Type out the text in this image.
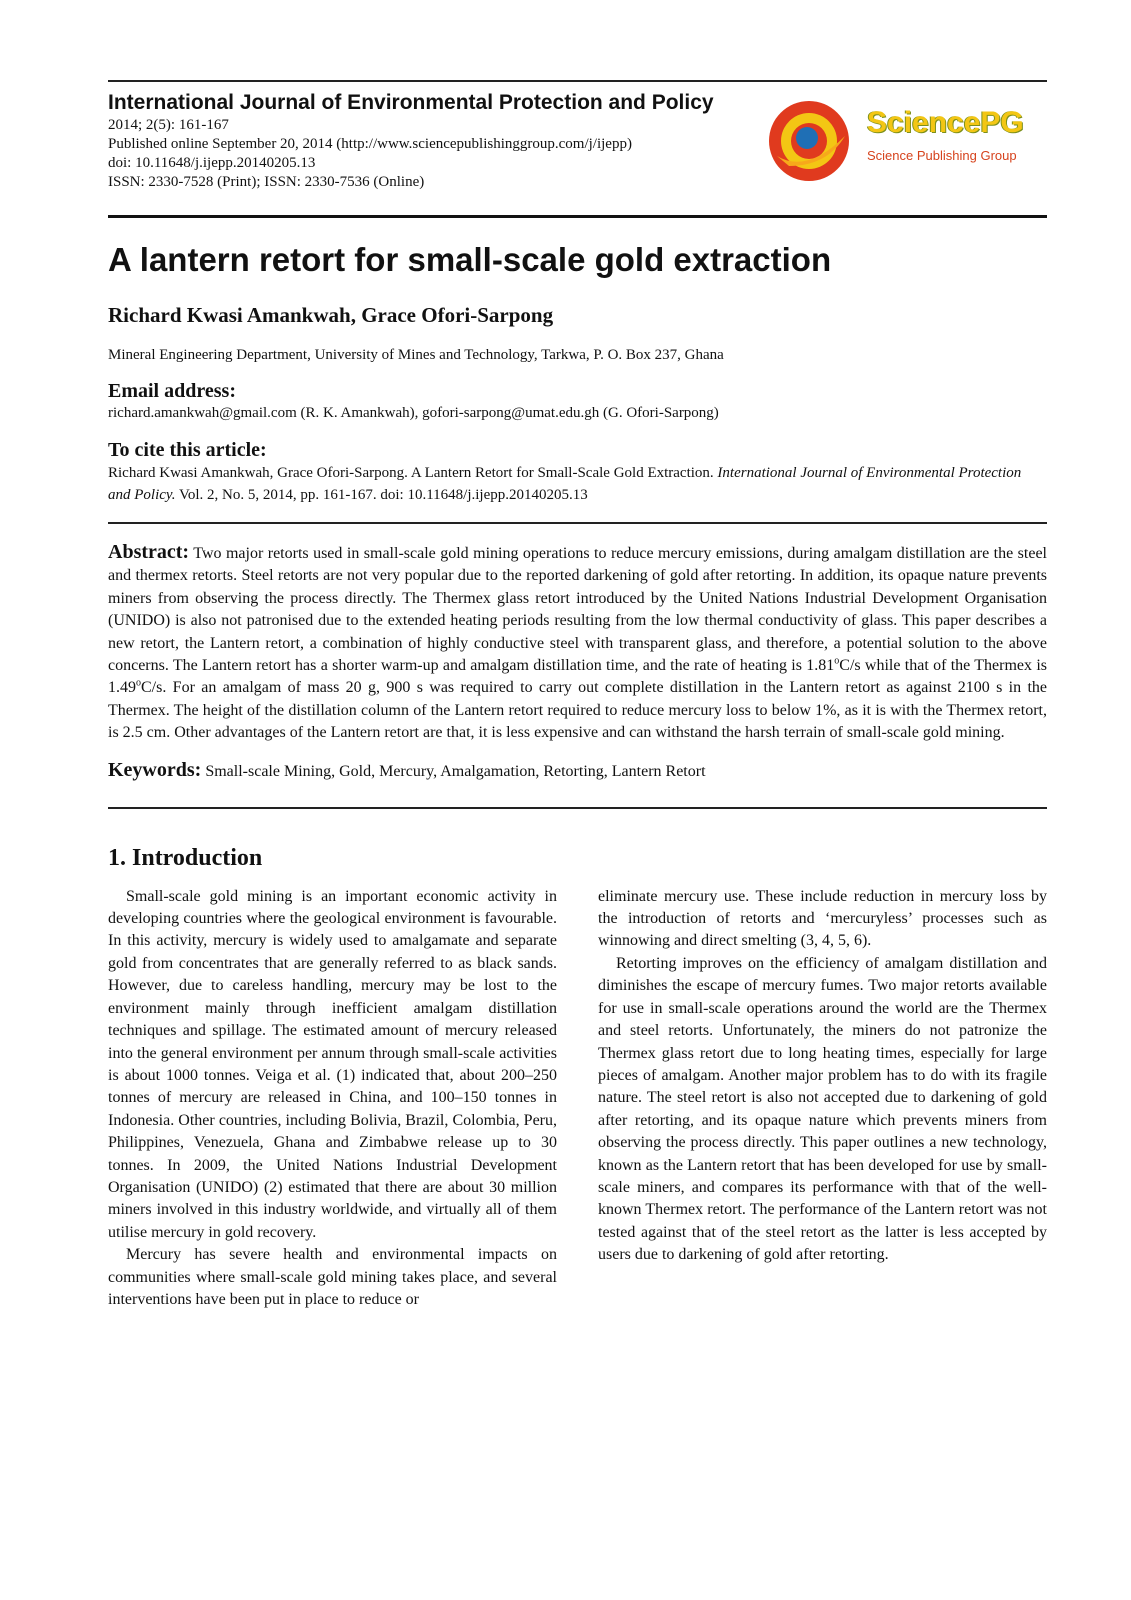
International Journal of Environmental Protection and Policy
2014; 2(5): 161-167
Published online September 20, 2014 (http://www.sciencepublishinggroup.com/j/ijepp)
doi: 10.11648/j.ijepp.20140205.13
ISSN: 2330-7528 (Print); ISSN: 2330-7536 (Online)
SciencePG
Science Publishing Group
A lantern retort for small-scale gold extraction
Richard Kwasi Amankwah, Grace Ofori-Sarpong
Mineral Engineering Department, University of Mines and Technology, Tarkwa, P. O. Box 237, Ghana
Email address:
richard.amankwah@gmail.com (R. K. Amankwah), gofori-sarpong@umat.edu.gh (G. Ofori-Sarpong)
To cite this article:
Richard Kwasi Amankwah, Grace Ofori-Sarpong. A Lantern Retort for Small-Scale Gold Extraction. International Journal of Environmental Protection and Policy. Vol. 2, No. 5, 2014, pp. 161-167. doi: 10.11648/j.ijepp.20140205.13
Abstract: Two major retorts used in small-scale gold mining operations to reduce mercury emissions, during amalgam distillation are the steel and thermex retorts. Steel retorts are not very popular due to the reported darkening of gold after retorting. In addition, its opaque nature prevents miners from observing the process directly. The Thermex glass retort introduced by the United Nations Industrial Development Organisation (UNIDO) is also not patronised due to the extended heating periods resulting from the low thermal conductivity of glass. This paper describes a new retort, the Lantern retort, a combination of highly conductive steel with transparent glass, and therefore, a potential solution to the above concerns. The Lantern retort has a shorter warm-up and amalgam distillation time, and the rate of heating is 1.81$^o$C/s while that of the Thermex is 1.49$^o$C/s. For an amalgam of mass 20 g, 900 s was required to carry out complete distillation in the Lantern retort as against 2100 s in the Thermex. The height of the distillation column of the Lantern retort required to reduce mercury loss to below 1%, as it is with the Thermex retort, is 2.5 cm. Other advantages of the Lantern retort are that, it is less expensive and can withstand the harsh terrain of small-scale gold mining.
Keywords: Small-scale Mining, Gold, Mercury, Amalgamation, Retorting, Lantern Retort
1. Introduction

Small-scale gold mining is an important economic activity in developing countries where the geological environment is favourable. In this activity, mercury is widely used to amalgamate and separate gold from concentrates that are generally referred to as black sands. However, due to careless handling, mercury may be lost to the environment mainly through inefficient amalgam distillation techniques and spillage. The estimated amount of mercury released into the general environment per annum through small-scale activities is about 1000 tonnes. Veiga et al. (1) indicated that, about 200–250 tonnes of mercury are released in China, and 100–150 tonnes in Indonesia. Other countries, including Bolivia, Brazil, Colombia, Peru, Philippines, Venezuela, Ghana and Zimbabwe release up to 30 tonnes. In 2009, the United Nations Industrial Development Organisation (UNIDO) (2) estimated that there are about 30 million miners involved in this industry worldwide, and virtually all of them utilise mercury in gold recovery.

Mercury has severe health and environmental impacts on communities where small-scale gold mining takes place, and several interventions have been put in place to reduce or

eliminate mercury use. These include reduction in mercury loss by the introduction of retorts and ‘mercuryless’ processes such as winnowing and direct smelting (3, 4, 5, 6).

Retorting improves on the efficiency of amalgam distillation and diminishes the escape of mercury fumes. Two major retorts available for use in small-scale operations around the world are the Thermex and steel retorts. Unfortunately, the miners do not patronize the Thermex glass retort due to long heating times, especially for large pieces of amalgam. Another major problem has to do with its fragile nature. The steel retort is also not accepted due to darkening of gold after retorting, and its opaque nature which prevents miners from observing the process directly. This paper outlines a new technology, known as the Lantern retort that has been developed for use by small-scale miners, and compares its performance with that of the well-known Thermex retort. The performance of the Lantern retort was not tested against that of the steel retort as the latter is less accepted by users due to darkening of gold after retorting.
